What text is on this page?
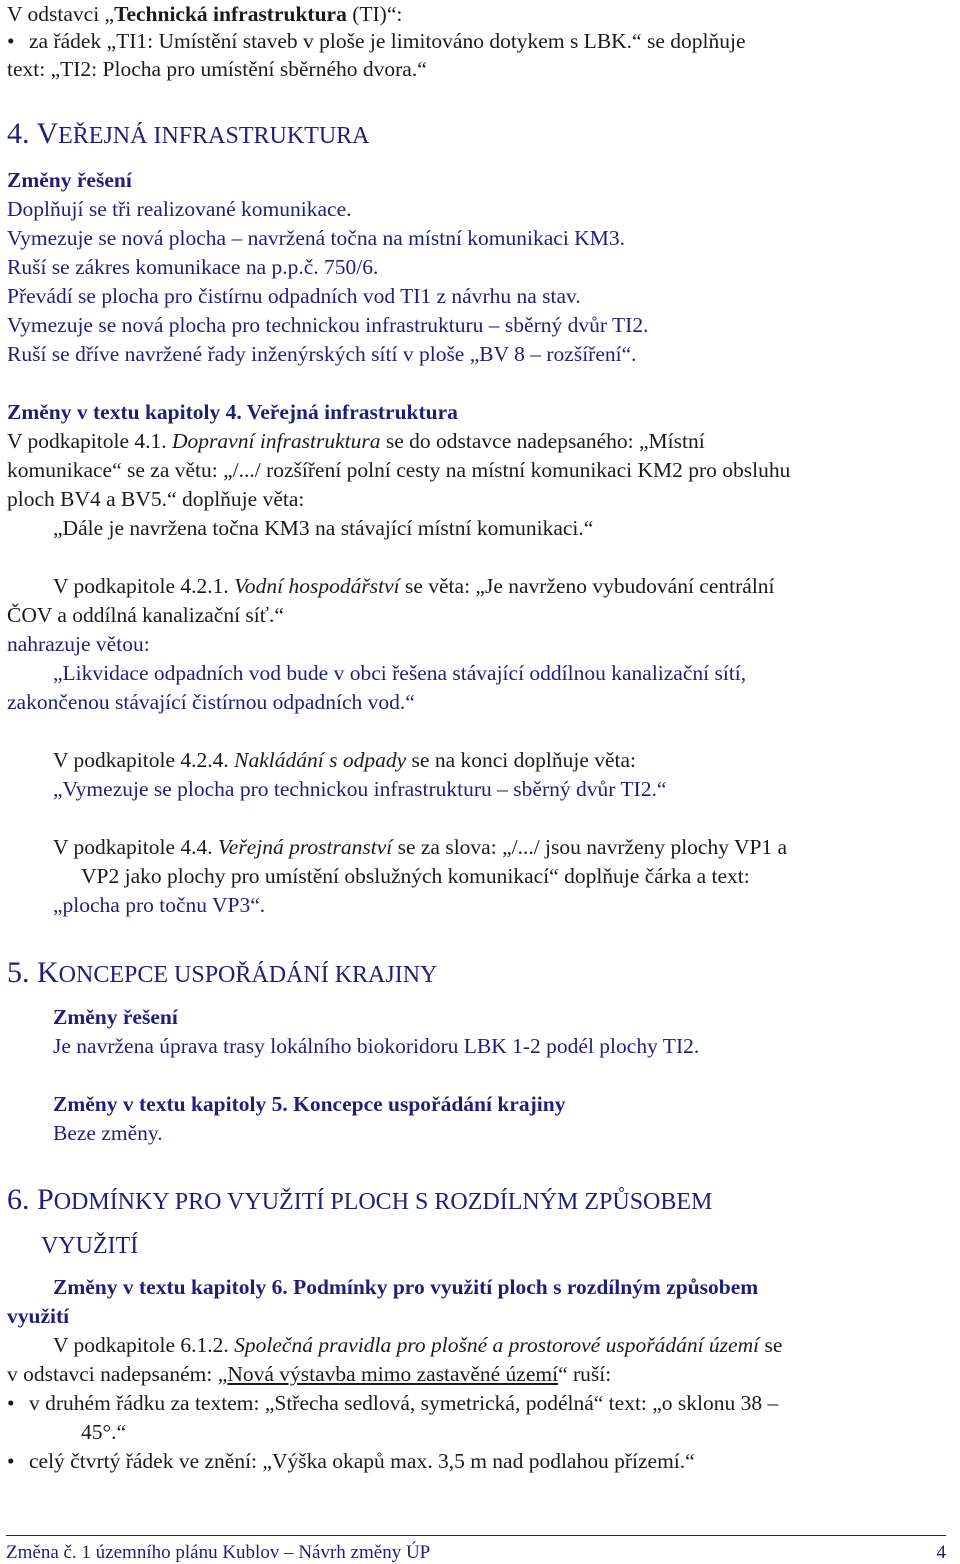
V odstavci „Technická infrastruktura (TI)“:

• za řádek „TI1: Umístění staveb v ploše je limitováno dotykem s LBK.“ se doplňuje

text: „TI2: Plocha pro umístění sběrného dvora.“

4. VEŘEJNÁ INFRASTRUKTURA

Změny řešení

Doplňují se tři realizované komunikace.

Vymezuje se nová plocha – navržená točna na místní komunikaci KM3.

Ruší se zákres komunikace na p.p.č. 750/6.

Převádí se plocha pro čistírnu odpadních vod TI1 z návrhu na stav.

Vymezuje se nová plocha pro technickou infrastrukturu – sběrný dvůr TI2.

Ruší se dříve navržené řady inženýrských sítí v ploše „BV 8 – rozšíření“.

Změny v textu kapitoly 4. Veřejná infrastruktura

V podkapitole 4.1. Dopravní infrastruktura se do odstavce nadepsaného: „Místní

komunikace“ se za větu: „/.../ rozšíření polní cesty na místní komunikaci KM2 pro obsluhu

ploch BV4 a BV5.“ doplňuje věta:

„Dále je navržena točna KM3 na stávající místní komunikaci.“

V podkapitole 4.2.1. Vodní hospodářství se věta: „Je navrženo vybudování centrální

ČOV a oddílná kanalizační síť.“

nahrazuje větou:

„Likvidace odpadních vod bude v obci řešena stávající oddílnou kanalizační sítí,

zakončenou stávající čistírnou odpadních vod.“

V podkapitole 4.2.4. Nakládání s odpady se na konci doplňuje věta:

„Vymezuje se plocha pro technickou infrastrukturu – sběrný dvůr TI2.“

V podkapitole 4.4. Veřejná prostranství se za slova: „/.../ jsou navrženy plochy VP1 a

VP2 jako plochy pro umístění obslužných komunikací“ doplňuje čárka a text:

„plocha pro točnu VP3“.

5. KONCEPCE USPOŘÁDÁNÍ KRAJINY

Změny řešení

Je navržena úprava trasy lokálního biokoridoru LBK 1-2 podél plochy TI2.

Změny v textu kapitoly 5. Koncepce uspořádání krajiny

Beze změny.

6. PODMÍNKY PRO VYUŽITÍ PLOCH S ROZDÍLNÝM ZPŮSOBEM

VYUŽITÍ

Změny v textu kapitoly 6. Podmínky pro využití ploch s rozdílným způsobem

využití

V podkapitole 6.1.2. Společná pravidla pro plošné a prostorové uspořádání území se

v odstavci nadepsaném: „Nová výstavba mimo zastavěné území“ ruší:

• v druhém řádku za textem: „Střecha sedlová, symetrická, podélná“ text: „o sklonu 38 –

45°.“

• celý čtvrtý řádek ve znění: „Výška okapů max. 3,5 m nad podlahou přízemí.“

Změna č. 1 územního plánu Kublov – Návrh změny ÚP	4
